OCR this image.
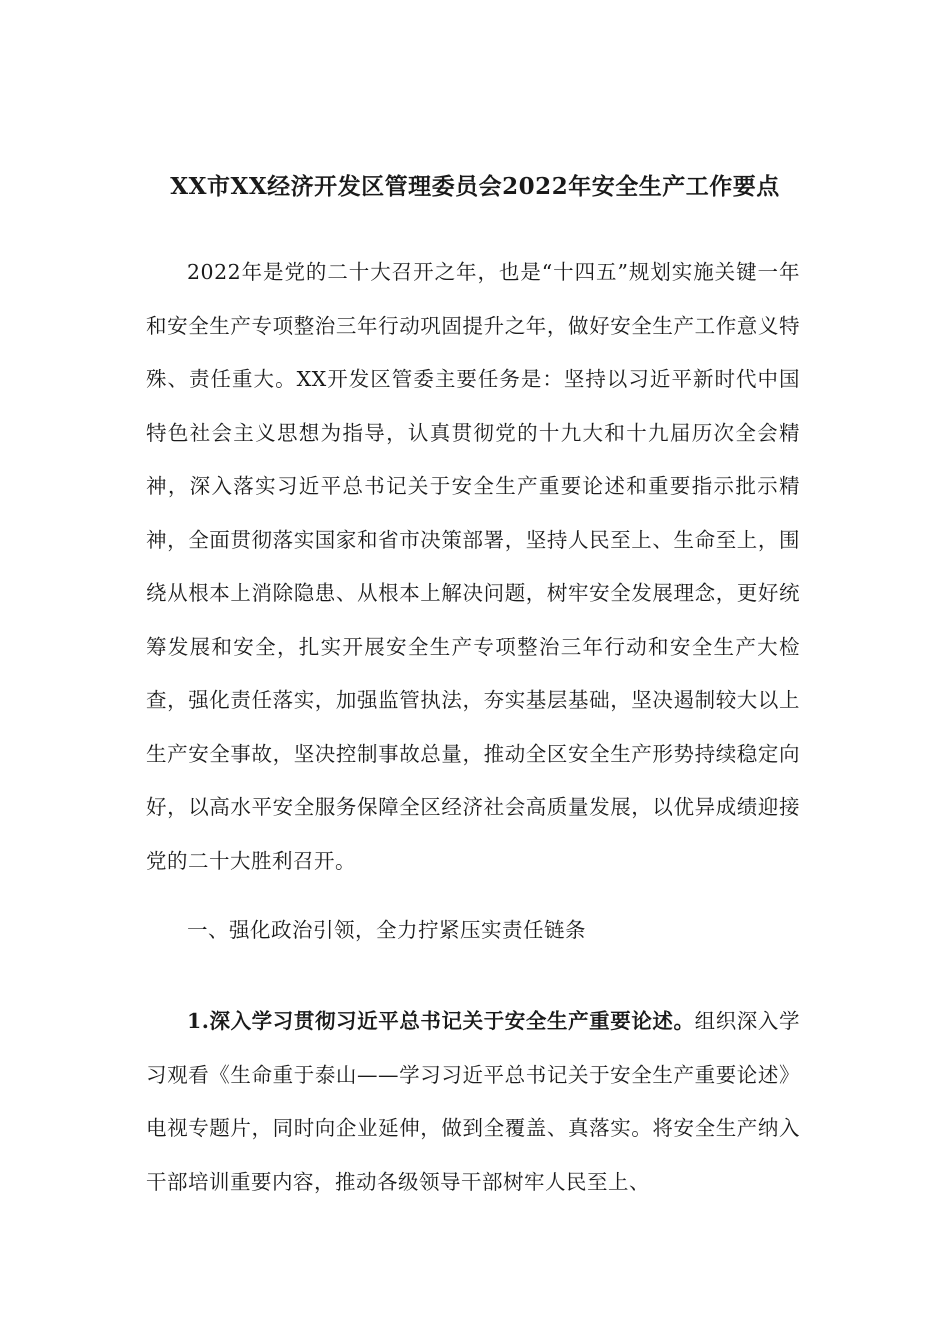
XX市XX经济开发区管理委员会2022年安全生产工作要点

2022年是党的二十大召开之年，也是“十四五”规划实施关键一年和安全生产专项整治三年行动巩固提升之年，做好安全生产工作意义特殊、责任重大。XX开发区管委主要任务是：坚持以习近平新时代中国特色社会主义思想为指导，认真贯彻党的十九大和十九届历次全会精神，深入落实习近平总书记关于安全生产重要论述和重要指示批示精神，全面贯彻落实国家和省市决策部署，坚持人民至上、生命至上，围绕从根本上消除隐患、从根本上解决问题，树牢安全发展理念，更好统筹发展和安全，扎实开展安全生产专项整治三年行动和安全生产大检查，强化责任落实，加强监管执法，夯实基层基础，坚决遏制较大以上生产安全事故，坚决控制事故总量，推动全区安全生产形势持续稳定向好，以高水平安全服务保障全区经济社会高质量发展，以优异成绩迎接党的二十大胜利召开。

一、强化政治引领，全力拧紧压实责任链条

1.深入学习贯彻习近平总书记关于安全生产重要论述。组织深入学习观看《生命重于泰山——学习习近平总书记关于安全生产重要论述》电视专题片，同时向企业延伸，做到全覆盖、真落实。将安全生产纳入干部培训重要内容，推动各级领导干部树牢人民至上、
